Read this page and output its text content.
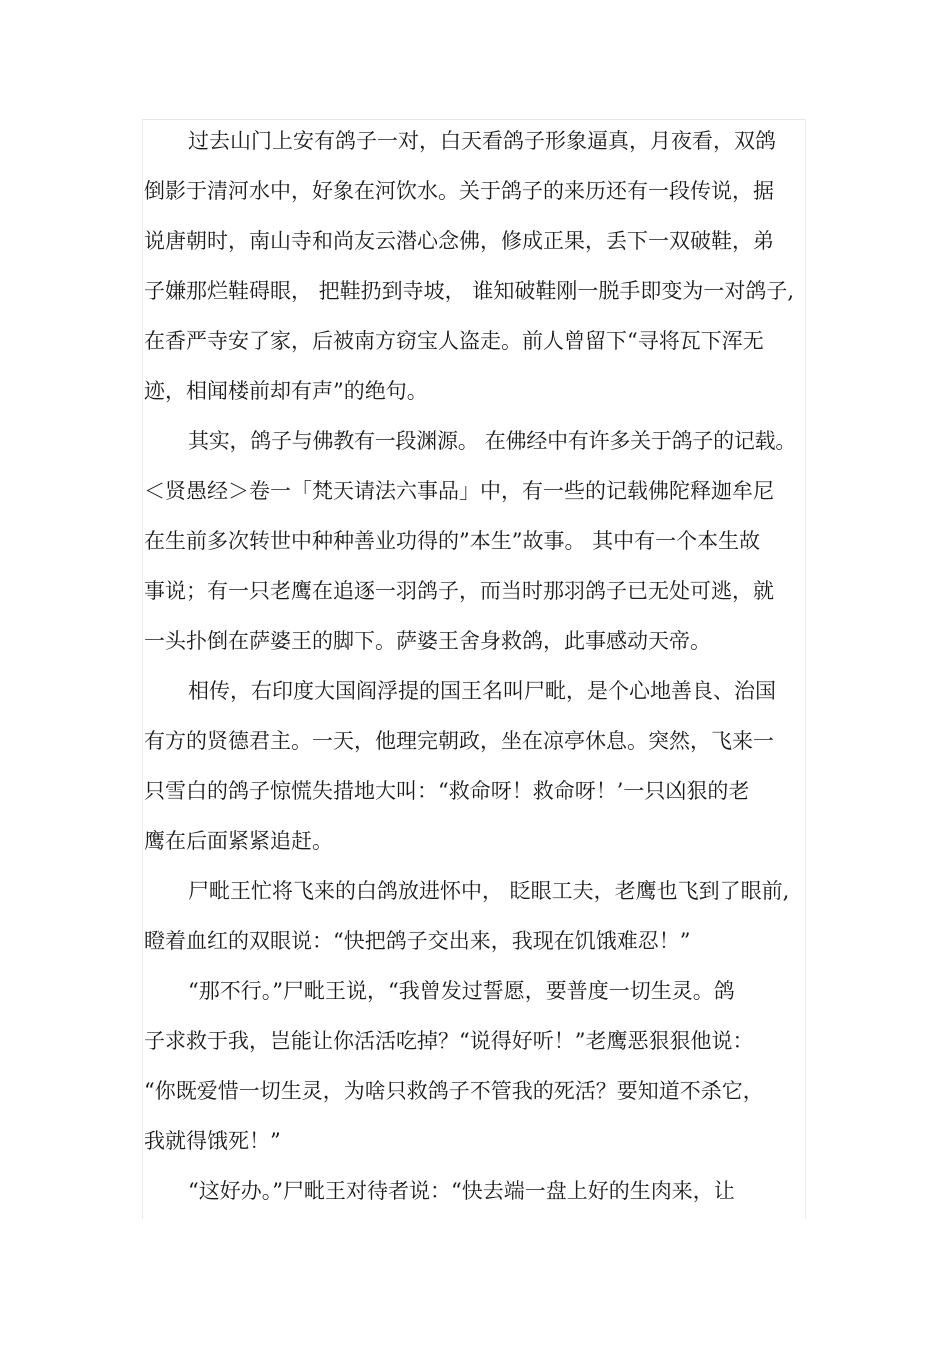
过去山门上安有鸽子一对，白天看鸽子形象逼真，月夜看，双鸽
倒影于清河水中，好象在河饮水。关于鸽子的来历还有一段传说，据
说唐朝时，南山寺和尚友云潜心念佛，修成正果，丢下一双破鞋，弟
子嫌那烂鞋碍眼， 把鞋扔到寺坡， 谁知破鞋刚一脱手即变为一对鸽子,
在香严寺安了家，后被南方窃宝人盗走。前人曾留下“寻将瓦下浑无
迹，相闻楼前却有声”的绝句。
其实，鸽子与佛教有一段渊源。 在佛经中有许多关于鸽子的记载。
＜贤愚经＞卷一「梵天请法六事品」中，有一些的记载佛陀释迦牟尼
在生前多次转世中种种善业功得的”本生”故事。 其中有一个本生故
事说；有一只老鹰在追逐一羽鸽子，而当时那羽鸽子已无处可逃，就
一头扑倒在萨婆王的脚下。萨婆王舍身救鸽，此事感动天帝。
相传，右印度大国阎浮提的国王名叫尸毗，是个心地善良、治国
有方的贤德君主。一天，他理完朝政，坐在凉亭休息。突然，飞来一
只雪白的鸽子惊慌失措地大叫：“救命呀！救命呀！’一只凶狠的老
鹰在后面紧紧追赶。
尸毗王忙将飞来的白鸽放进怀中， 眨眼工夫，老鹰也飞到了眼前,
瞪着血红的双眼说：“快把鸽子交出来，我现在饥饿难忍！”
“那不行。”尸毗王说，“我曾发过誓愿，要普度一切生灵。鸽
子求救于我，岂能让你活活吃掉？“说得好听！”老鹰恶狠狠他说：
“你既爱惜一切生灵，为啥只救鸽子不管我的死活？要知道不杀它，
我就得饿死！”
“这好办。”尸毗王对待者说：“快去端一盘上好的生肉来，让
